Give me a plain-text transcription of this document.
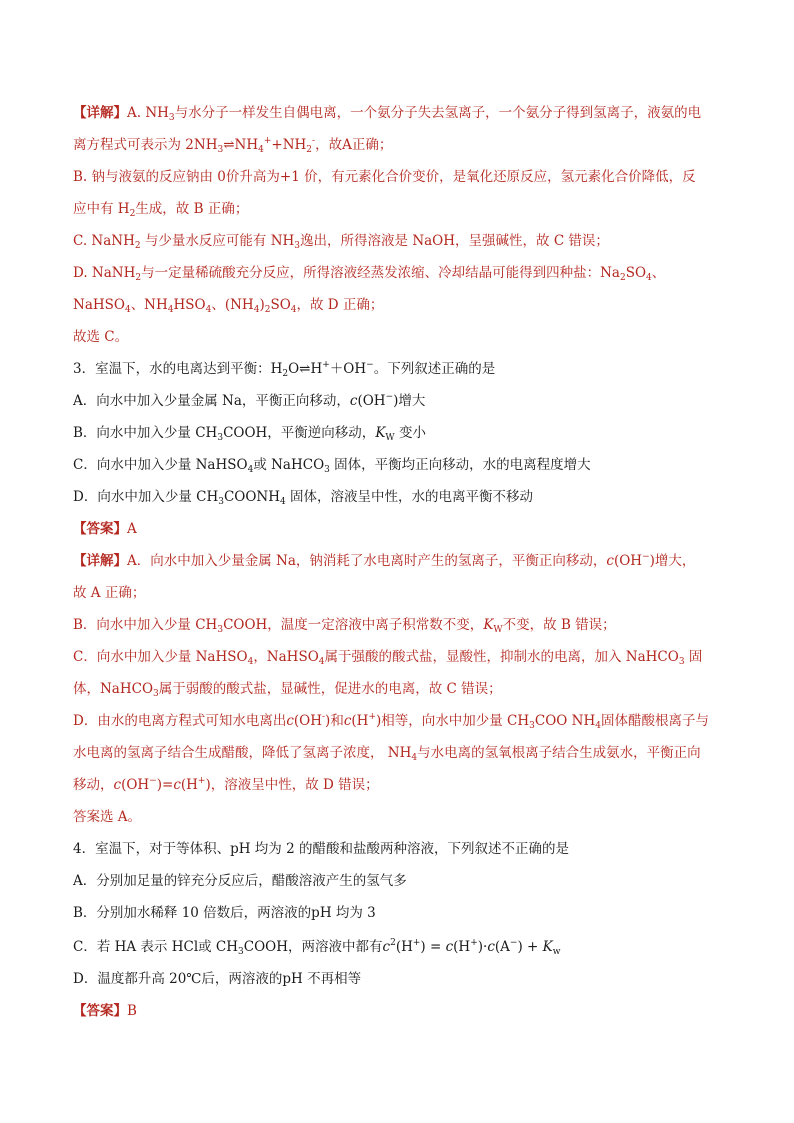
【详解】A. $NH_3$与水分子一样发生自偶电离，一个氨分子失去氢离子，一个氨分子得到氢离子，液氨的电
离方程式可表示为 $2NH_3\rightleftharpoons NH_4^++NH_2^-$，故A正确；
B. 钠与液氨的反应钠由 0价升高为+1 价，有元素化合价变价，是氧化还原反应，氢元素化合价降低，反
应中有 $H_2$生成，故 B 正确；
C. NaNH$_2$ 与少量水反应可能有 $NH_3$逸出，所得溶液是 NaOH，呈强碱性，故 C 错误；
D. NaNH$_2$与一定量稀硫酸充分反应，所得溶液经蒸发浓缩、冷却结晶可能得到四种盐：$Na_2SO_4$、
NaHSO$_4$、$NH_4HSO_4$、$(NH_4)_2SO_4$，故 D 正确；
故选 C。
3．室温下，水的电离达到平衡：$H_2O\rightleftharpoons H^++OH^-$。下列叙述正确的是
A．向水中加入少量金属 Na，平衡正向移动，c(OH−)增大
B．向水中加入少量 $CH_3COOH$，平衡逆向移动，$K_W$ 变小
C．向水中加入少量 NaHSO$_4$或 NaHCO$_3$ 固体，平衡均正向移动，水的电离程度增大
D．向水中加入少量 $CH_3COONH_4$ 固体，溶液呈中性，水的电离平衡不移动
【答案】A
【详解】A．向水中加入少量金属 Na，钠消耗了水电离时产生的氢离子，平衡正向移动，c(OH−)增大，
故 A 正确；
B．向水中加入少量 $CH_3COOH$，温度一定溶液中离子积常数不变，$K_W$不变，故 B 错误；
C．向水中加入少量 NaHSO$_4$，NaHSO$_4$属于强酸的酸式盐，显酸性，抑制水的电离，加入 NaHCO$_3$ 固
体，NaHCO$_3$属于弱酸的酸式盐，显碱性，促进水的电离，故 C 错误；
D．由水的电离方程式可知水电离出c(OH-)和c(H+)相等，向水中加少量 $CH_3COO$ $NH_4$固体醋酸根离子与
水电离的氢离子结合生成醋酸，降低了氢离子浓度， $NH_4$与水电离的氢氧根离子结合生成氨水，平衡正向
移动，c(OH−)=c(H+)，溶液呈中性，故 D 错误；
答案选 A。
4．室温下，对于等体积、pH 均为 2 的醋酸和盐酸两种溶液，下列叙述不正确的是
A．分别加足量的锌充分反应后，醋酸溶液产生的氢气多
B．分别加水稀释 10 倍数后，两溶液的pH 均为 3
C．若 HA 表示 HCl或 $CH_3COOH$，两溶液中都有$c^2(H^+) = c(H^+)\cdot c(A^-) + K_w$
D．温度都升高 20℃后，两溶液的pH 不再相等
【答案】B
